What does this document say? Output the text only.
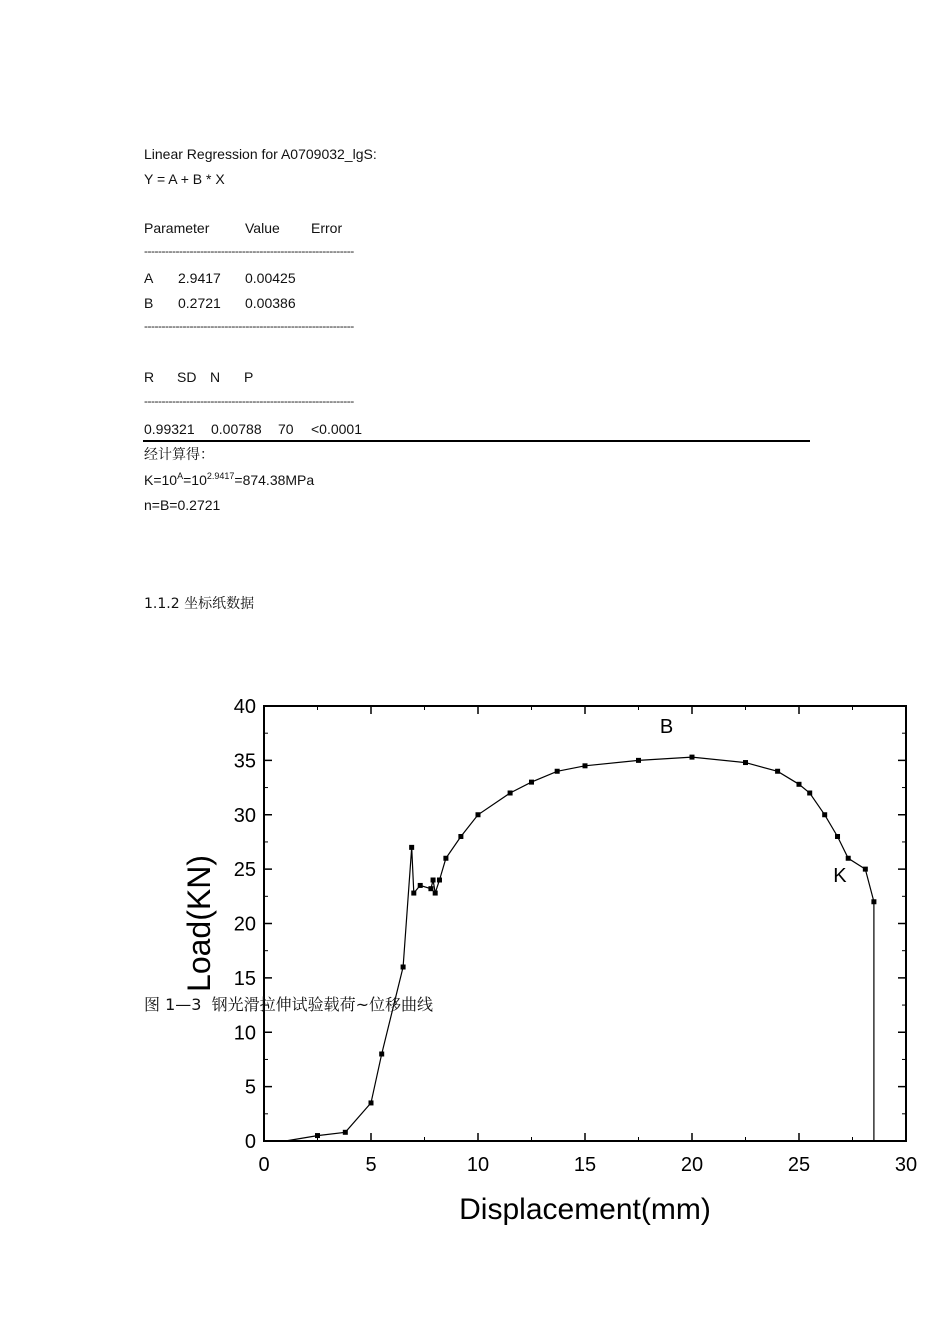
Linear Regression for A0709032_lgS:
Y = A + B * X
Parameter	Value Error
------------------------------------------------------------
A 2.9417 0.00425
B 0.2721 0.00386
------------------------------------------------------------
R SD N P
------------------------------------------------------------
0.99321 0.00788 70 <0.0001
经计算得：
$K=10^A=10^{2.9417}=874.38MPa$
n=B=0.2721
1.1.2 坐标纸数据
0	5	10	15	20	25	30
0
5
10
15
20
25
30
35
40
Displacement(mm)
Load(KN)
B
K
图 1—3  钢光滑拉伸试验载荷~位移曲线
